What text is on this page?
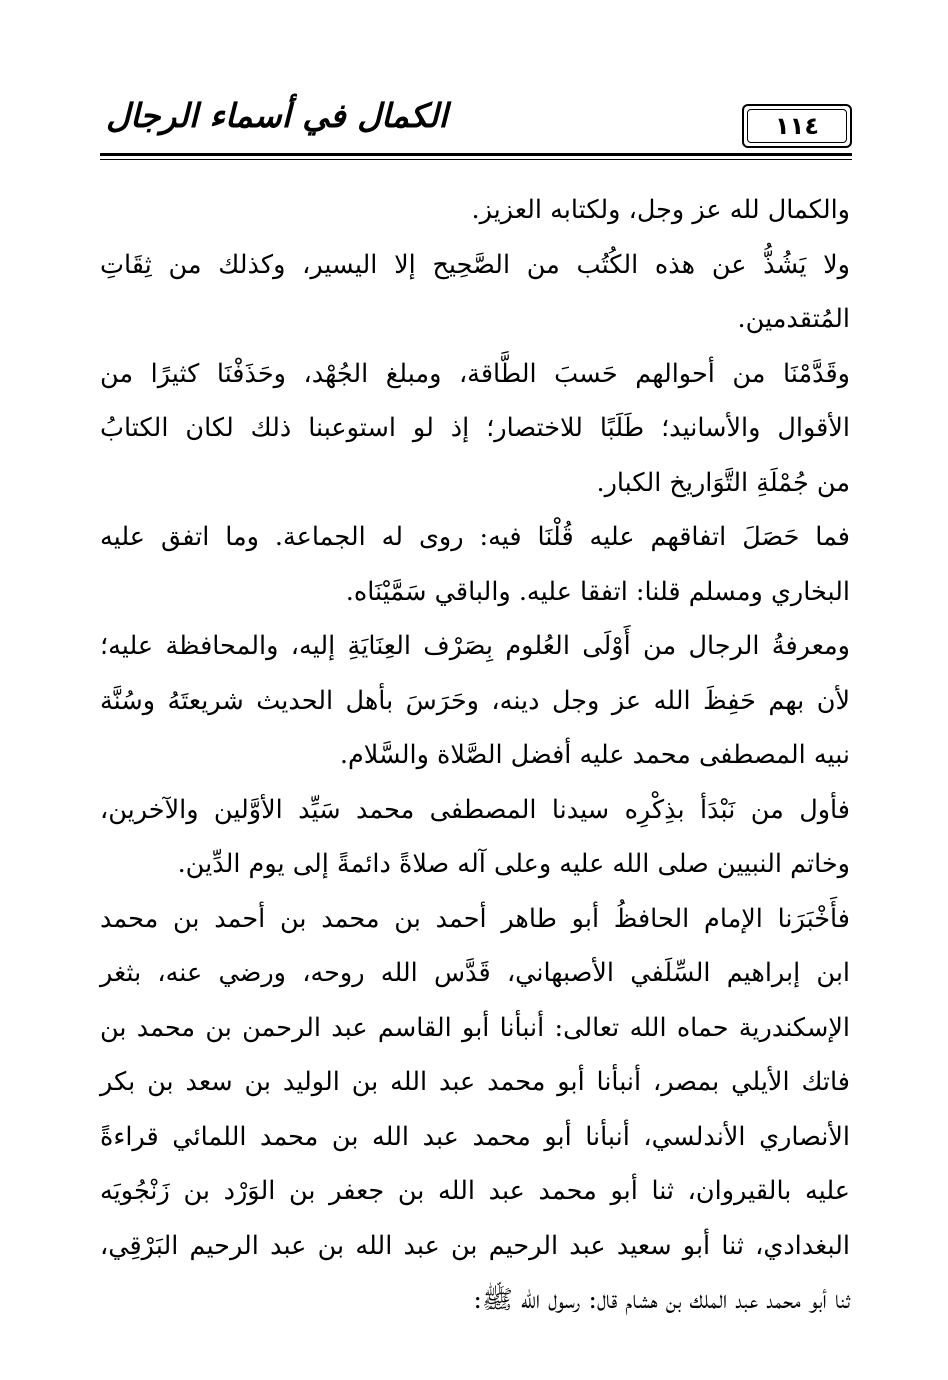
الكمال في أسماء الرجال	١١٤
والكمال لله عز وجل، ولكتابه العزيز.
ولا يَشُذُّ عن هذه الكُتُب من الصَّحِيح إلا اليسير، وكذلك من ثِقَاتِ
المُتقدمين.
وقَدَّمْنَا من أحوالهم حَسبَ الطَّاقة، ومبلغ الجُهْد، وحَذَفْنَا كثيرًا من
الأقوال والأسانيد؛ طَلَبًا للاختصار؛ إذ لو استوعبنا ذلك لكان الكتابُ
من جُمْلَةِ التَّوَاريخ الكبار.
فما حَصَلَ اتفاقهم عليه قُلْنَا فيه: روى له الجماعة. وما اتفق عليه
البخاري ومسلم قلنا: اتفقا عليه. والباقي سَمَّيْنَاه.
ومعرفةُ الرجال من أَوْلَى العُلوم بِصَرْف العِنَايَةِ إليه، والمحافظة عليه؛
لأن بهم حَفِظَ الله عز وجل دينه، وحَرَسَ بأهل الحديث شريعتَهُ وسُنَّة
نبيه المصطفى محمد عليه أفضل الصَّلاة والسَّلام.
فأول من نَبْدَأ بذِكْرِه سيدنا المصطفى محمد سَيِّد الأوَّلين والآخرين،
وخاتم النبيين صلى الله عليه وعلى آله صلاةً دائمةً إلى يوم الدِّين.
فأَخْبَرَنا الإمام الحافظُ أبو طاهر أحمد بن محمد بن أحمد بن محمد
ابن إبراهيم السِّلَفي الأصبهاني، قَدَّس الله روحه، ورضي عنه، بثغر
الإسكندرية حماه الله تعالى: أنبأنا أبو القاسم عبد الرحمن بن محمد بن
فاتك الأيلي بمصر، أنبأنا أبو محمد عبد الله بن الوليد بن سعد بن بكر
الأنصاري الأندلسي، أنبأنا أبو محمد عبد الله بن محمد اللمائي قراءةً
عليه بالقيروان، ثنا أبو محمد عبد الله بن جعفر بن الوَرْد بن زَنْجُويَه
البغدادي، ثنا أبو سعيد عبد الرحيم بن عبد الله بن عبد الرحيم البَرْقِي،
ثنا أبو محمد عبد الملك بن هشام قال: رسول الله ﷺ:
